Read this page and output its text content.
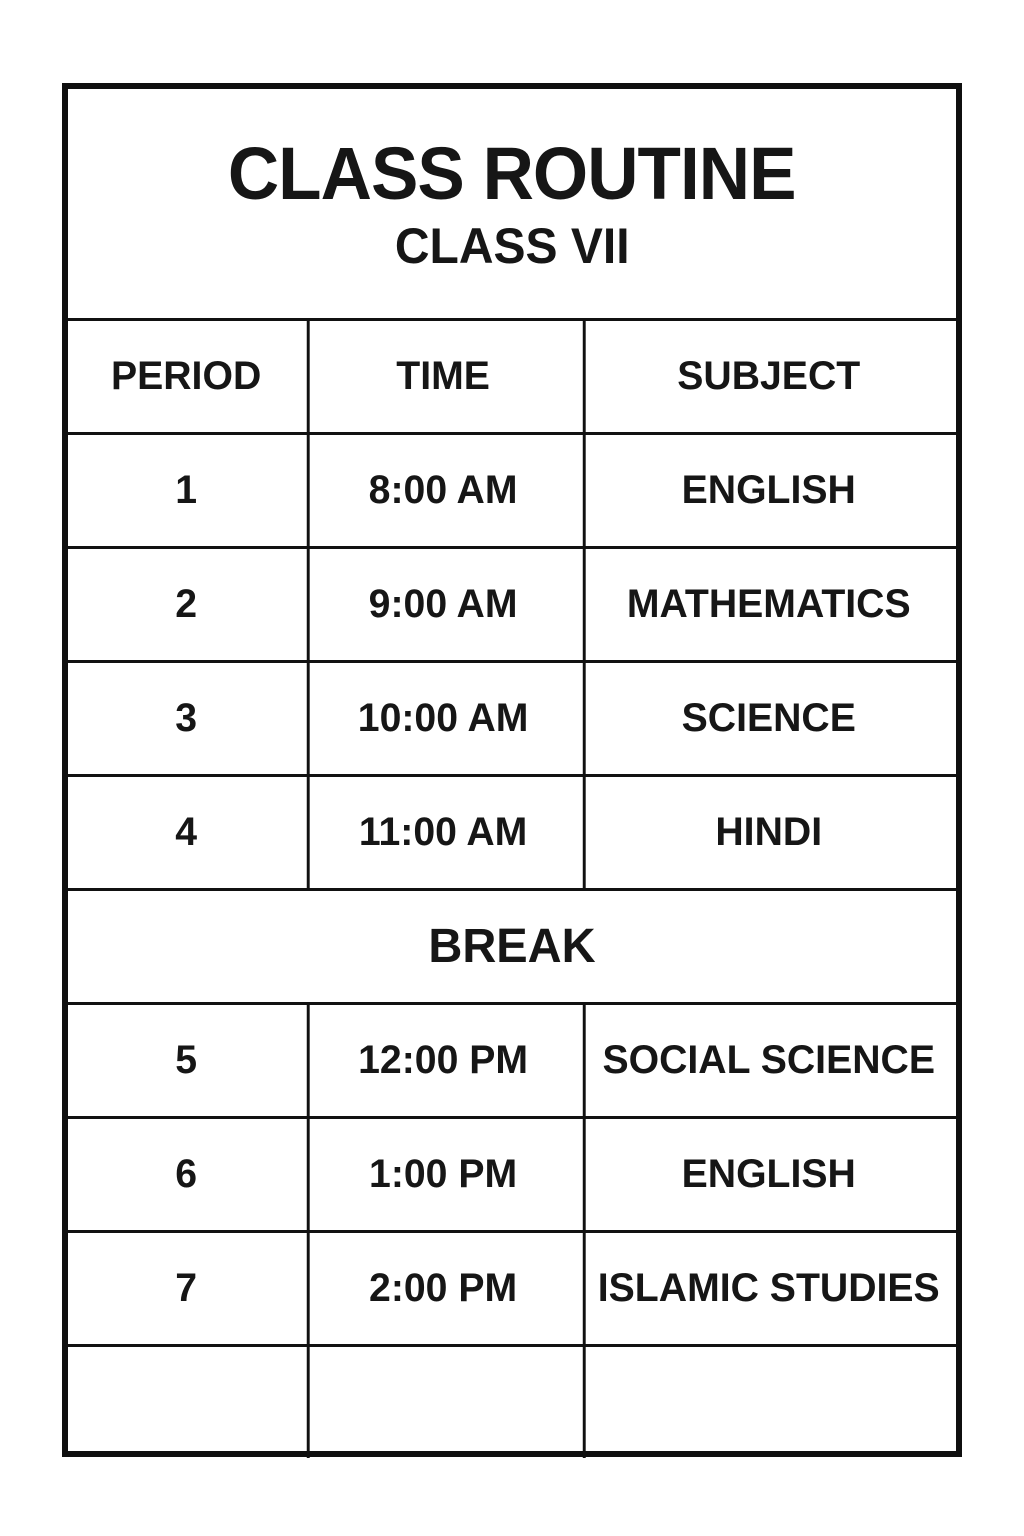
CLASS ROUTINE
CLASS VII
PERIOD	TIME	SUBJECT
1	8:00 AM	ENGLISH
2	9:00 AM	MATHEMATICS
3	10:00 AM	SCIENCE
4	11:00 AM	HINDI
BREAK
5	12:00 PM	SOCIAL SCIENCE
6	1:00 PM	ENGLISH
7	2:00 PM	ISLAMIC STUDIES
